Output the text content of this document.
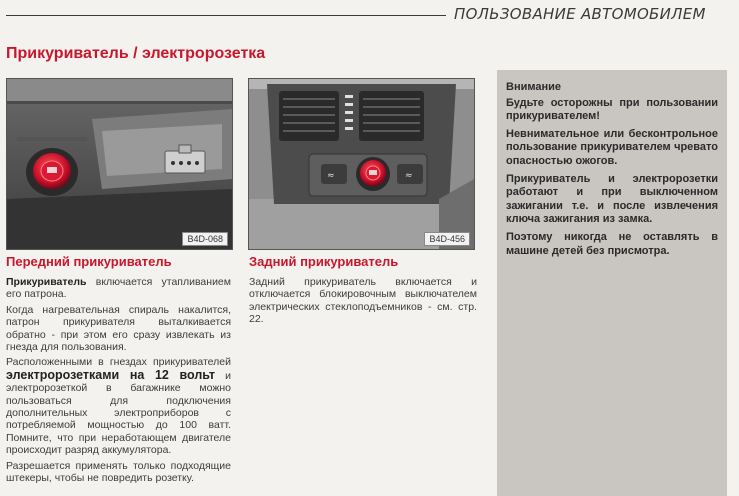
ПОЛЬЗОВАНИЕ АВТОМОБИЛЕМ
Прикуриватель / электророзетка
B4D-068
≈	≈
B4D-456
Передний прикуриватель

Прикуриватель включается утапливанием его патрона.

Когда нагревательная спираль накалится, патрон прикуривателя выталкивается обратно - при этом его сразу извлекать из гнезда для пользования.

Расположенными в гнездах прикуривателей электророзетками на 12 вольт и электророзеткой в багажнике можно пользоваться для подключения дополнительных электроприборов с потребляемой мощностью до 100 ватт. Помните, что при неработающем двигателе происходит разряд аккумулятора.

Разрешается применять только подходящие штекеры, чтобы не повредить розетку.

Задний прикуриватель

Задний прикуриватель включается и отключается блокировочным выключателем электрических стеклоподъемников - см. стр. 22.

Внимание

Будьте осторожны при пользовании прикуривателем!

Невнимательное или бесконтрольное пользование прикуривателем чревато опасностью ожогов.

Прикуриватель и электророзетки работают и при выключенном зажигании т.е. и после извлечения ключа зажигания из замка.

Поэтому никогда не оставлять в машине детей без присмотра.
